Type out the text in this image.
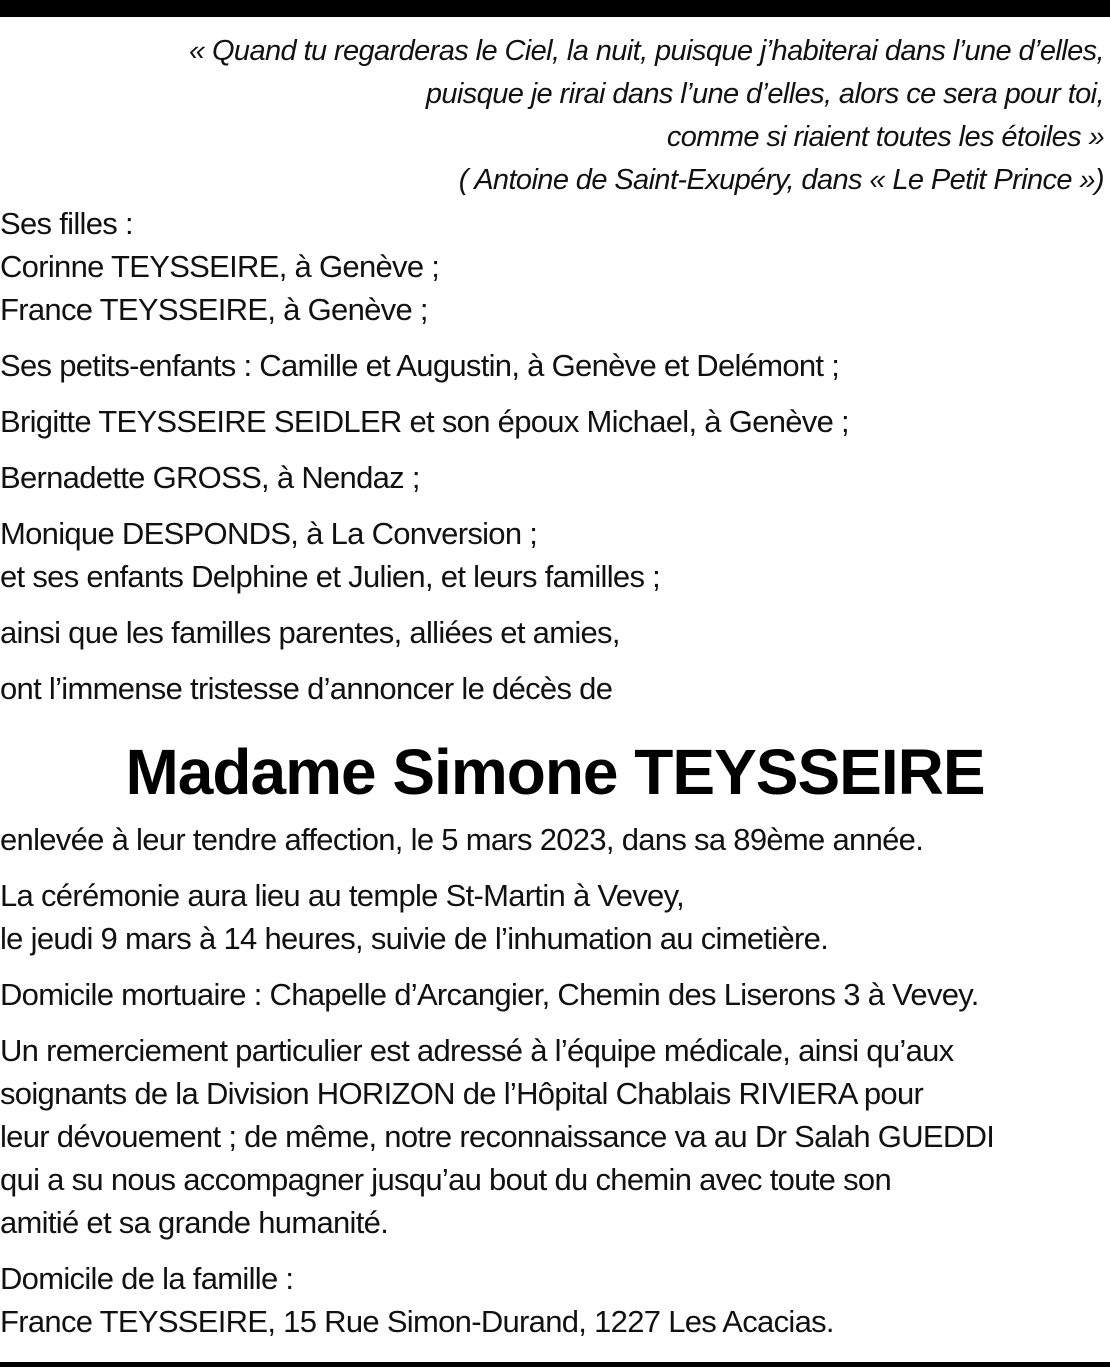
« Quand tu regarderas le Ciel, la nuit, puisque j’habiterai dans l’une d’elles,
puisque je rirai dans l’une d’elles, alors ce sera pour toi,
comme si riaient toutes les étoiles »
( Antoine de Saint-Exupéry, dans « Le Petit Prince »)
Ses filles :
Corinne TEYSSEIRE, à Genève ;
France TEYSSEIRE, à Genève ;
Ses petits-enfants : Camille et Augustin, à Genève et Delémont ;
Brigitte TEYSSEIRE SEIDLER et son époux Michael, à Genève ;
Bernadette GROSS, à Nendaz ;
Monique DESPONDS, à La Conversion ;
et ses enfants Delphine et Julien, et leurs familles ;
ainsi que les familles parentes, alliées et amies,
ont l’immense tristesse d’annoncer le décès de
Madame Simone TEYSSEIRE
enlevée à leur tendre affection, le 5 mars 2023, dans sa 89ème année.
La cérémonie aura lieu au temple St-Martin à Vevey,
le jeudi 9 mars à 14 heures, suivie de l’inhumation au cimetière.
Domicile mortuaire : Chapelle d’Arcangier, Chemin des Liserons 3 à Vevey.
Un remerciement particulier est adressé à l’équipe médicale, ainsi qu’aux
soignants de la Division HORIZON de l’Hôpital Chablais RIVIERA pour
leur dévouement ; de même, notre reconnaissance va au Dr Salah GUEDDI
qui a su nous accompagner jusqu’au bout du chemin avec toute son
amitié et sa grande humanité.
Domicile de la famille :
France TEYSSEIRE, 15 Rue Simon-Durand, 1227 Les Acacias.
